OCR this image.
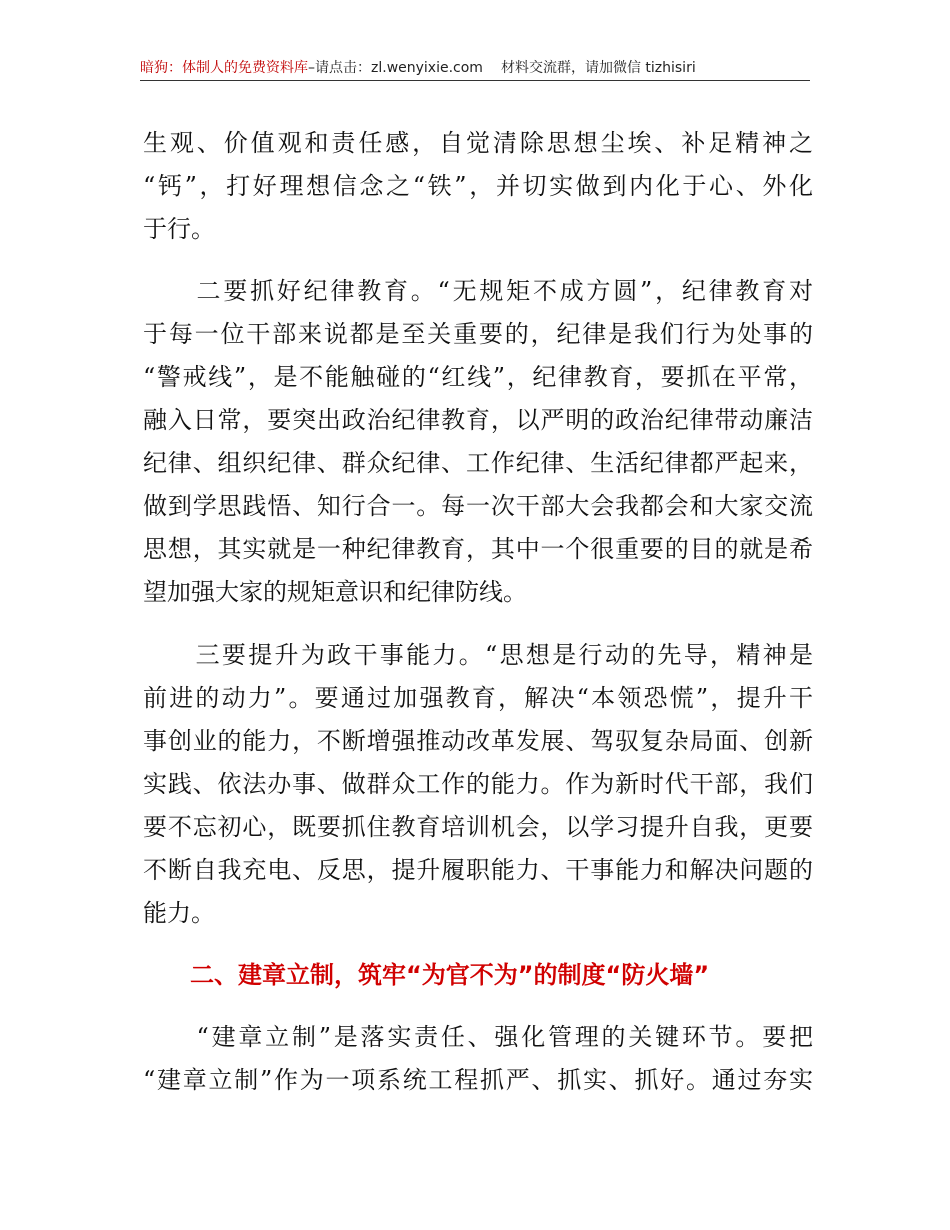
暗狗：体制人的免费资料库–请点击：zl.wenyixie.com 材料交流群，请加微信 tizhisiri
生观、价值观和责任感，自觉清除思想尘埃、补足精神之
“钙”，打好理想信念之“铁”，并切实做到内化于心、外化
于行。
　　二要抓好纪律教育。“无规矩不成方圆”，纪律教育对
于每一位干部来说都是至关重要的，纪律是我们行为处事的
“警戒线”，是不能触碰的“红线”，纪律教育，要抓在平常，
融入日常，要突出政治纪律教育，以严明的政治纪律带动廉洁
纪律、组织纪律、群众纪律、工作纪律、生活纪律都严起来，
做到学思践悟、知行合一。每一次干部大会我都会和大家交流
思想，其实就是一种纪律教育，其中一个很重要的目的就是希
望加强大家的规矩意识和纪律防线。
　　三要提升为政干事能力。“思想是行动的先导，精神是
前进的动力”。要通过加强教育，解决“本领恐慌”，提升干
事创业的能力，不断增强推动改革发展、驾驭复杂局面、创新
实践、依法办事、做群众工作的能力。作为新时代干部，我们
要不忘初心，既要抓住教育培训机会，以学习提升自我，更要
不断自我充电、反思，提升履职能力、干事能力和解决问题的
能力。
二、建章立制，筑牢“为官不为”的制度“防火墙”
　　“建章立制”是落实责任、强化管理的关键环节。要把
“建章立制”作为一项系统工程抓严、抓实、抓好。通过夯实
